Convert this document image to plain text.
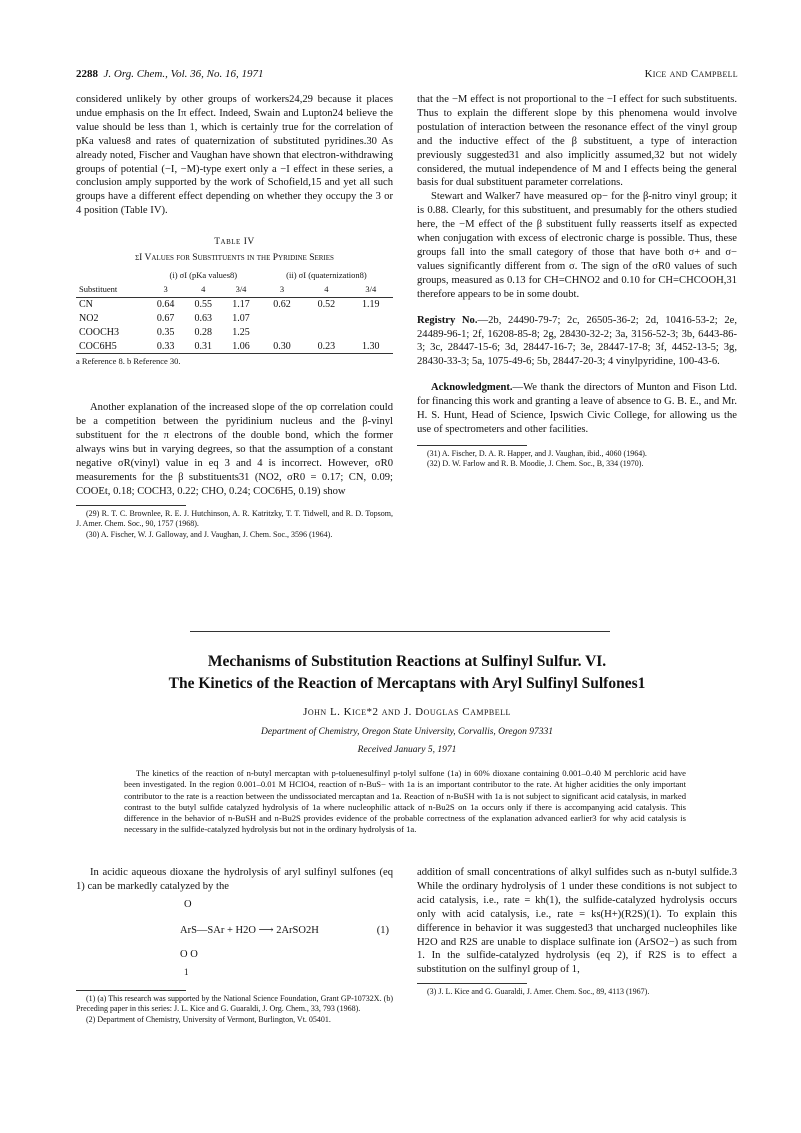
2288 J. Org. Chem., Vol. 36, No. 16, 1971	Kice and Campbell

considered unlikely by other groups of workers24,29 because it places undue emphasis on the Iπ effect. Indeed, Swain and Lupton24 believe the value should be less than 1, which is certainly true for the correlation of pKa values8 and rates of quaternization of substituted pyridines.30 As already noted, Fischer and Vaughan have shown that electron-withdrawing groups of potential (−I, −M)-type exert only a −I effect in these series, a conclusion amply supported by the work of Schofield,15 and yet all such groups have a different effect depending on whether they occupy the 3 or 4 position (Table IV).

Table IV
σI Values for Substituents in the Pyridine Series
	(i) σI (pKa values8)			(ii) σI (quaternization8)		
Substituent	3	4	3/4	3	4	3/4
CN	0.64	0.55	1.17	0.62	0.52	1.19
NO2	0.67	0.63	1.07			
COOCH3	0.35	0.28	1.25			
COC6H5	0.33	0.31	1.06	0.30	0.23	1.30
a Reference 8. b Reference 30.

Another explanation of the increased slope of the σp correlation could be a competition between the pyridinium nucleus and the β-vinyl substituent for the π electrons of the double bond, which the former always wins but in varying degrees, so that the assumption of a constant negative σR(vinyl) value in eq 3 and 4 is incorrect. However, σR0 measurements for the β substituents31 (NO2, σR0 = 0.17; CN, 0.09; COOEt, 0.18; COCH3, 0.22; CHO, 0.24; COC6H5, 0.19) show

(29) R. T. C. Brownlee, R. E. J. Hutchinson, A. R. Katritzky, T. T. Tidwell, and R. D. Topsom, J. Amer. Chem. Soc., 90, 1757 (1968).
(30) A. Fischer, W. J. Galloway, and J. Vaughan, J. Chem. Soc., 3596 (1964).

that the −M effect is not proportional to the −I effect for such substituents. Thus to explain the different slope by this phenomena would involve postulation of interaction between the resonance effect of the vinyl group and the inductive effect of the β substituent, a type of interaction previously suggested31 and also implicitly assumed,32 but not widely considered, the mutual independence of M and I effects being the general basis for dual substituent parameter correlations.

Stewart and Walker7 have measured σp− for the β-nitro vinyl group; it is 0.88. Clearly, for this substituent, and presumably for the others studied here, the −M effect of the β substituent fully reasserts itself as expected when conjugation with excess of electronic charge is possible. Thus, these groups fall into the small category of those that have both σ+ and σ− values significantly different from σ. The sign of the σR0 values of such groups, measured as 0.13 for CH=CHNO2 and 0.10 for CH=CHCOOH,31 therefore appears to be in some doubt.

Registry No.—2b, 24490-79-7; 2c, 26505-36-2; 2d, 10416-53-2; 2e, 24489-96-1; 2f, 16208-85-8; 2g, 28430-32-2; 3a, 3156-52-3; 3b, 6443-86-3; 3c, 28447-15-6; 3d, 28447-16-7; 3e, 28447-17-8; 3f, 4452-13-5; 3g, 28430-33-3; 5a, 1075-49-6; 5b, 28447-20-3; 4 vinylpyridine, 100-43-6.

Acknowledgment.—We thank the directors of Munton and Fison Ltd. for financing this work and granting a leave of absence to G. B. E., and Mr. H. S. Hunt, Head of Science, Ipswich Civic College, for allowing us the use of spectrometers and other facilities.

(31) A. Fischer, D. A. R. Happer, and J. Vaughan, ibid., 4060 (1964).
(32) D. W. Farlow and R. B. Moodie, J. Chem. Soc., B, 334 (1970).
Mechanisms of Substitution Reactions at Sulfinyl Sulfur. VI.
The Kinetics of the Reaction of Mercaptans with Aryl Sulfinyl Sulfones1
John L. Kice*2 and J. Douglas Campbell
Department of Chemistry, Oregon State University, Corvallis, Oregon 97331
Received January 5, 1971
The kinetics of the reaction of n-butyl mercaptan with p-toluenesulfinyl p-tolyl sulfone (1a) in 60% dioxane containing 0.001–0.40 M perchloric acid have been investigated. In the region 0.001–0.01 M HClO4, reaction of n-BuS− with 1a is an important contributor to the rate. At higher acidities the only important contributor to the rate is a reaction between the undissociated mercaptan and 1a. Reaction of n-BuSH with 1a is not subject to significant acid catalysis, in marked contrast to the butyl sulfide catalyzed hydrolysis of 1a where nucleophilic attack of n-Bu2S on 1a occurs only if there is accompanying acid catalysis. This difference in the behavior of n-BuSH and n-Bu2S provides evidence of the probable correctness of the explanation advanced earlier3 for why acid catalysis is necessary in the sulfide-catalyzed hydrolysis but not in the ordinary hydrolysis of 1a.

In acidic aqueous dioxane the hydrolysis of aryl sulfinyl sulfones (eq 1) can be markedly catalyzed by the

O
ArS—SAr + H2O ⟶ 2ArSO2H
O O
1
(1)
(1) (a) This research was supported by the National Science Foundation, Grant GP-10732X. (b) Preceding paper in this series: J. L. Kice and G. Guaraldi, J. Org. Chem., 33, 793 (1968).
(2) Department of Chemistry, University of Vermont, Burlington, Vt. 05401.

addition of small concentrations of alkyl sulfides such as n-butyl sulfide.3 While the ordinary hydrolysis of 1 under these conditions is not subject to acid catalysis, i.e., rate = kh(1), the sulfide-catalyzed hydrolysis occurs only with acid catalysis, i.e., rate = ks(H+)(R2S)(1). To explain this difference in behavior it was suggested3 that uncharged nucleophiles like H2O and R2S are unable to displace sulfinate ion (ArSO2−) as such from 1. In the sulfide-catalyzed hydrolysis (eq 2), if R2S is to effect a substitution on the sulfinyl group of 1,

(3) J. L. Kice and G. Guaraldi, J. Amer. Chem. Soc., 89, 4113 (1967).
